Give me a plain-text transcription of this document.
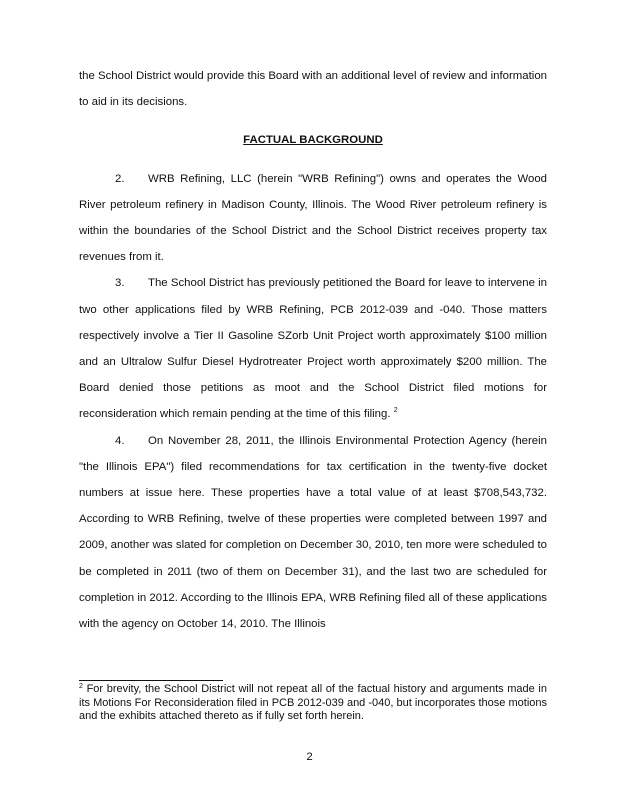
the School District would provide this Board with an additional level of review and information to aid in its decisions.

FACTUAL BACKGROUND

2. WRB Refining, LLC (herein "WRB Refining") owns and operates the Wood River petroleum refinery in Madison County, Illinois. The Wood River petroleum refinery is within the boundaries of the School District and the School District receives property tax revenues from it.

3. The School District has previously petitioned the Board for leave to intervene in two other applications filed by WRB Refining, PCB 2012-039 and -040. Those matters respectively involve a Tier II Gasoline SZorb Unit Project worth approximately $100 million and an Ultralow Sulfur Diesel Hydrotreater Project worth approximately $200 million. The Board denied those petitions as moot and the School District filed motions for reconsideration which remain pending at the time of this filing. $^2$

4. On November 28, 2011, the Illinois Environmental Protection Agency (herein "the Illinois EPA") filed recommendations for tax certification in the twenty-five docket numbers at issue here. These properties have a total value of at least $708,543,732. According to WRB Refining, twelve of these properties were completed between 1997 and 2009, another was slated for completion on December 30, 2010, ten more were scheduled to be completed in 2011 (two of them on December 31), and the last two are scheduled for completion in 2012. According to the Illinois EPA, WRB Refining filed all of these applications with the agency on October 14, 2010. The Illinois

$^2$ For brevity, the School District will not repeat all of the factual history and arguments made in its Motions For Reconsideration filed in PCB 2012-039 and -040, but incorporates those motions and the exhibits attached thereto as if fully set forth herein.

2
